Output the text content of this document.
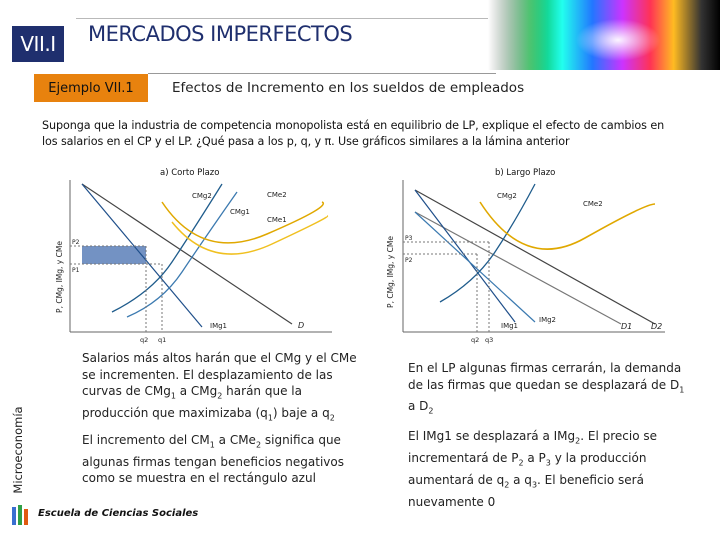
VII.I	MERCADOS IMPERFECTOS
Ejemplo VII.1	Efectos de Incremento en los sueldos de empleados
Suponga que la industria de competencia monopolista está en equilibrio de LP, explique el efecto de cambios en los salarios en el CP y el LP. ¿Qué pasa a los p, q, y π. Use gráficos similares a la lámina anterior
a) Corto Plazo
P, CMg, IMg, y CMe
CMg2	CMe2
CMg1
CMe1
IMg1	D
P2
P1
q2 q1
b) Largo Plazo
P, CMg, IMg, y CMe
CMg2
CMe2
P3
P2
IMg1
IMg2
D1 D2
q2 q3
Microeconomía
Salarios más altos harán que el CMg y el CMe se incrementen. El desplazamiento de las curvas de CMg$_1$ a CMg$_2$ harán que la producción que maximizaba $(q_1)$ baje a $q_2$
El incremento del $CM_1$ a CMe$_2$ significa que algunas firmas tengan beneficios negativos como se muestra en el rectángulo azul
En el LP algunas firmas cerrarán, la demanda de las firmas que quedan se desplazará de $D_1$ a $D_2$
El IMg1 se desplazará a IMg$_2$. El precio se incrementará de $P_2$ a $P_3$ y la producción aumentará de $q_2$ a $q_3$. El beneficio será nuevamente 0
Escuela de Ciencias Sociales
